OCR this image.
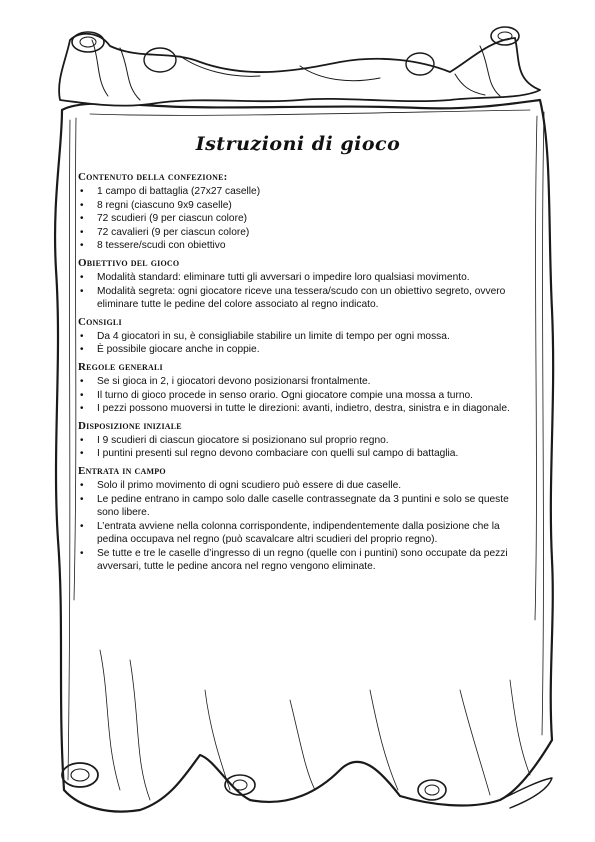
Istruzioni di gioco
Contenuto della confezione:
• 1 campo di battaglia (27x27 caselle)
• 8 regni (ciascuno 9x9 caselle)
• 72 scudieri (9 per ciascun colore)
• 72 cavalieri (9 per ciascun colore)
• 8 tessere/scudi con obiettivo
Obiettivo del gioco
• Modalità standard: eliminare tutti gli avversari o impedire loro qualsiasi movimento.
• Modalità segreta: ogni giocatore riceve una tessera/scudo con un obiettivo segreto, ovvero eliminare tutte le pedine del colore associato al regno indicato.
Consigli
• Da 4 giocatori in su, è consigliabile stabilire un limite di tempo per ogni mossa.
• È possibile giocare anche in coppie.
Regole generali
• Se si gioca in 2, i giocatori devono posizionarsi frontalmente.
• Il turno di gioco procede in senso orario. Ogni giocatore compie una mossa a turno.
• I pezzi possono muoversi in tutte le direzioni: avanti, indietro, destra, sinistra e in diagonale.
Disposizione iniziale
• I 9 scudieri di ciascun giocatore si posizionano sul proprio regno.
• I puntini presenti sul regno devono combaciare con quelli sul campo di battaglia.
Entrata in campo
• Solo il primo movimento di ogni scudiero può essere di due caselle.
• Le pedine entrano in campo solo dalle caselle contrassegnate da 3 puntini e solo se queste sono libere.
• L’entrata avviene nella colonna corrispondente, indipendentemente dalla posizione che la pedina occupava nel regno (può scavalcare altri scudieri del proprio regno).
• Se tutte e tre le caselle d’ingresso di un regno (quelle con i puntini) sono occupate da pezzi avversari, tutte le pedine ancora nel regno vengono eliminate.
